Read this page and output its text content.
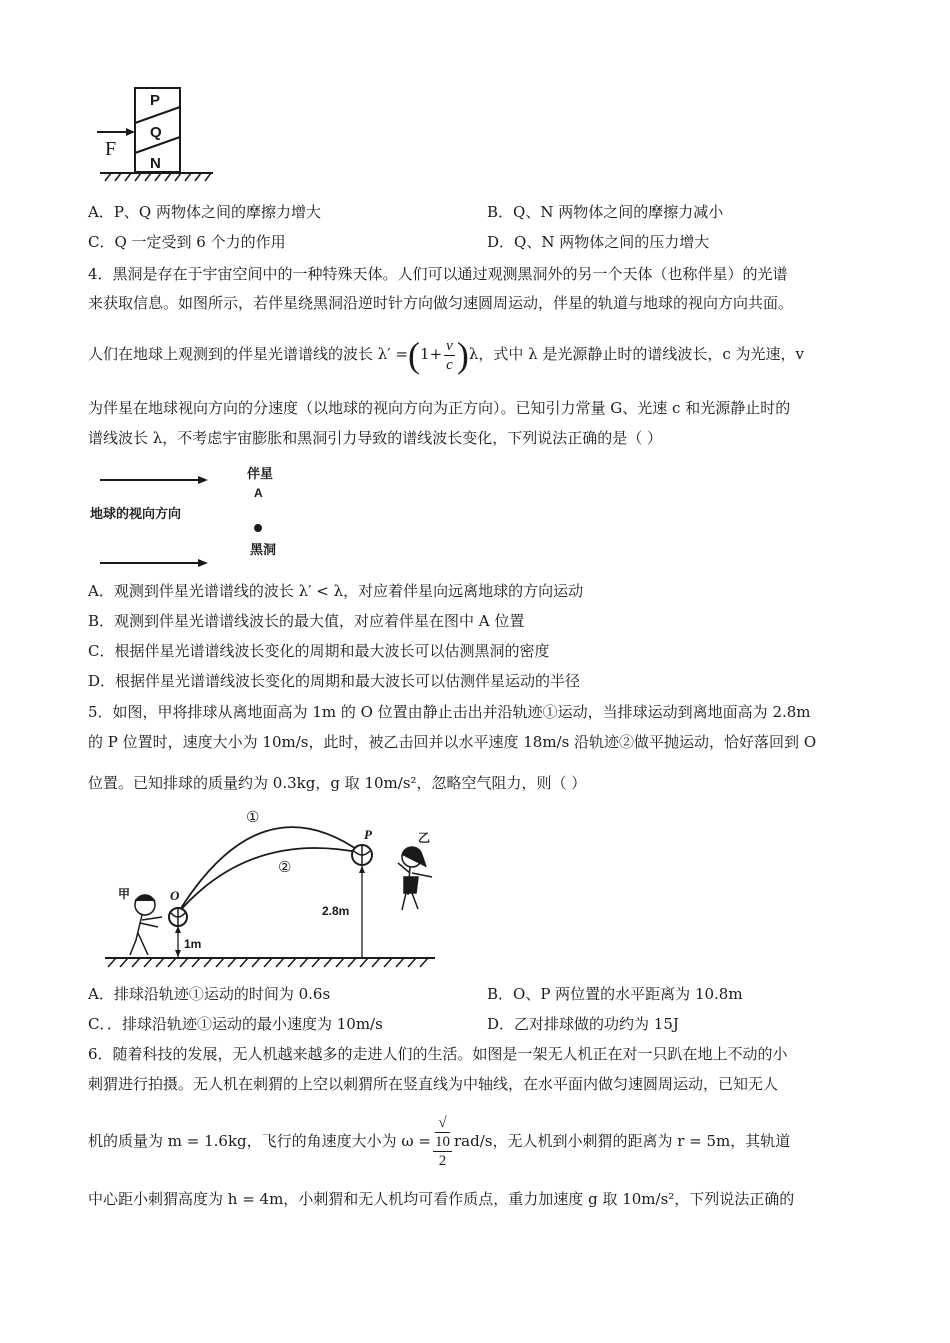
F
P
Q
N
A．P、Q 两物体之间的摩擦力增大	B．Q、N 两物体之间的摩擦力减小
C．Q 一定受到 6 个力的作用	D．Q、N 两物体之间的压力增大
4．黑洞是存在于宇宙空间中的一种特殊天体。人们可以通过观测黑洞外的另一个天体（也称伴星）的光谱
来获取信息。如图所示，若伴星绕黑洞沿逆时针方向做匀速圆周运动，伴星的轨道与地球的视向方向共面。
人们在地球上观测到的伴星光谱谱线的波长 $\lambda' =(1+ \frac{v}{c} )\lambda$，式中 λ 是光源静止时的谱线波长，c 为光速，v
为伴星在地球视向方向的分速度（以地球的视向方向为正方向）。已知引力常量 G、光速 c 和光源静止时的
谱线波长 λ，不考虑宇宙膨胀和黑洞引力导致的谱线波长变化，下列说法正确的是（ ）
伴星
A
地球的视向方向
黑洞
A．观测到伴星光谱谱线的波长 λ′ < λ，对应着伴星向远离地球的方向运动
B．观测到伴星光谱谱线波长的最大值，对应着伴星在图中 A 位置
C．根据伴星光谱谱线波长变化的周期和最大波长可以估测黑洞的密度
D．根据伴星光谱谱线波长变化的周期和最大波长可以估测伴星运动的半径
5．如图，甲将排球从离地面高为 1m 的 O 位置由静止击出并沿轨迹①运动，当排球运动到离地面高为 2.8m
的 P 位置时，速度大小为 10m/s，此时，被乙击回并以水平速度 18m/s 沿轨迹②做平抛运动，恰好落回到 O
位置。已知排球的质量约为 0.3kg，g 取 10m/s²，忽略空气阻力，则（ ）
①
②
P
O
甲
乙
1m
2.8m
A．排球沿轨迹①运动的时间为 0.6s	B．O、P 两位置的水平距离为 10.8m
C．．排球沿轨迹①运动的最小速度为 10m/s	D．乙对排球做的功约为 15J
6．随着科技的发展，无人机越来越多的走进人们的生活。如图是一架无人机正在对一只趴在地上不动的小
刺猬进行拍摄。无人机在刺猬的上空以刺猬所在竖直线为中轴线，在水平面内做匀速圆周运动，已知无人
机的质量为 m = 1.6kg，飞行的角速度大小为 ω = √
10
2 rad/s，无人机到小刺猬的距离为 r = 5m，其轨道
中心距小刺猬高度为 h = 4m，小刺猬和无人机均可看作质点，重力加速度 g 取 10m/s²，下列说法正确的
